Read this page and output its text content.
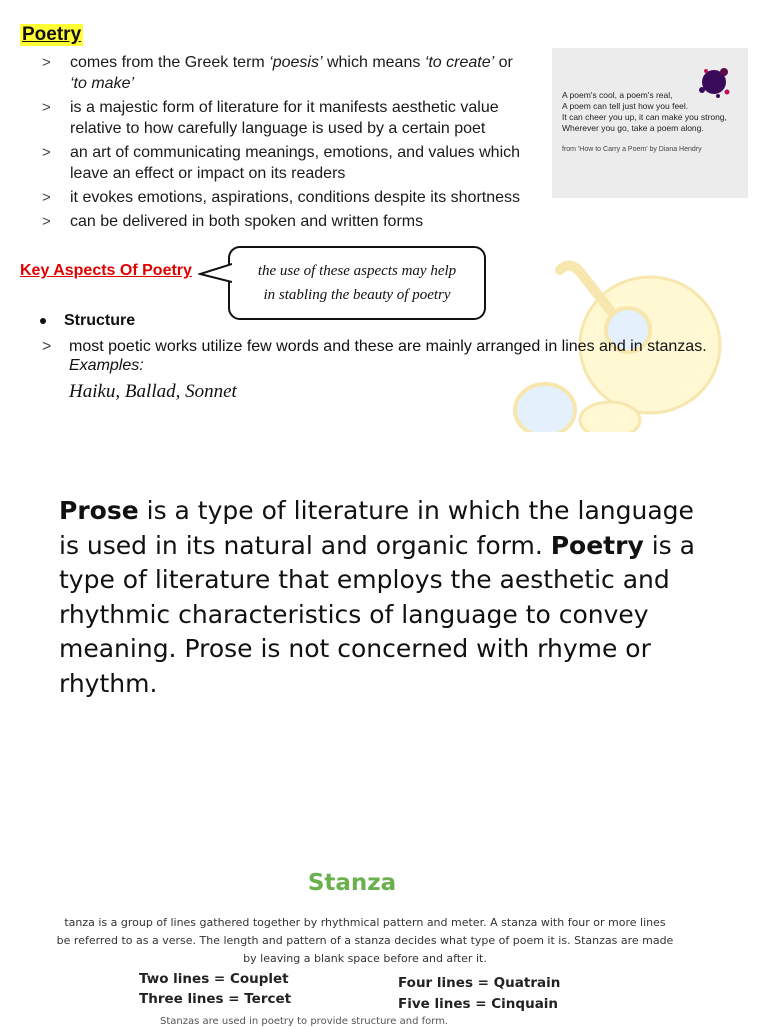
Poetry
> comes from the Greek term ‘poesis’ which means ‘to create’ or
‘to make’
> is a majestic form of literature for it manifests aesthetic value relative to how carefully language is used by a certain poet
> an art of communicating meanings, emotions, and values which leave an effect or impact on its readers
> it evokes emotions, aspirations, conditions despite its shortness
> can be delivered in both spoken and written forms
A poem's cool, a poem's real,
A poem can tell just how you feel.
It can cheer you up, it can make you strong,
Wherever you go, take a poem along.
from 'How to Carry a Poem' by Diana Hendry
Key Aspects Of Poetry	the use of these aspects may help
in stabling the beauty of poetry
Structure
> most poetic works utilize few words and these are mainly arranged in lines and in stanzas.
Examples:
Haiku, Ballad, Sonnet
Prose is a type of literature in which the language is used in its natural and organic form. Poetry is a type of literature that employs the aesthetic and rhythmic characteristics of language to convey meaning. Prose is not concerned with rhyme or rhythm.
Stanza
tanza is a group of lines gathered together by rhythmical pattern and meter. A stanza with four or more lines
be referred to as a verse. The length and pattern of a stanza decides what type of poem it is. Stanzas are made
by leaving a blank space before and after it.
Two lines = Couplet
Three lines = Tercet
Four lines = Quatrain
Five lines = Cinquain
Stanzas are used in poetry to provide structure and form.
